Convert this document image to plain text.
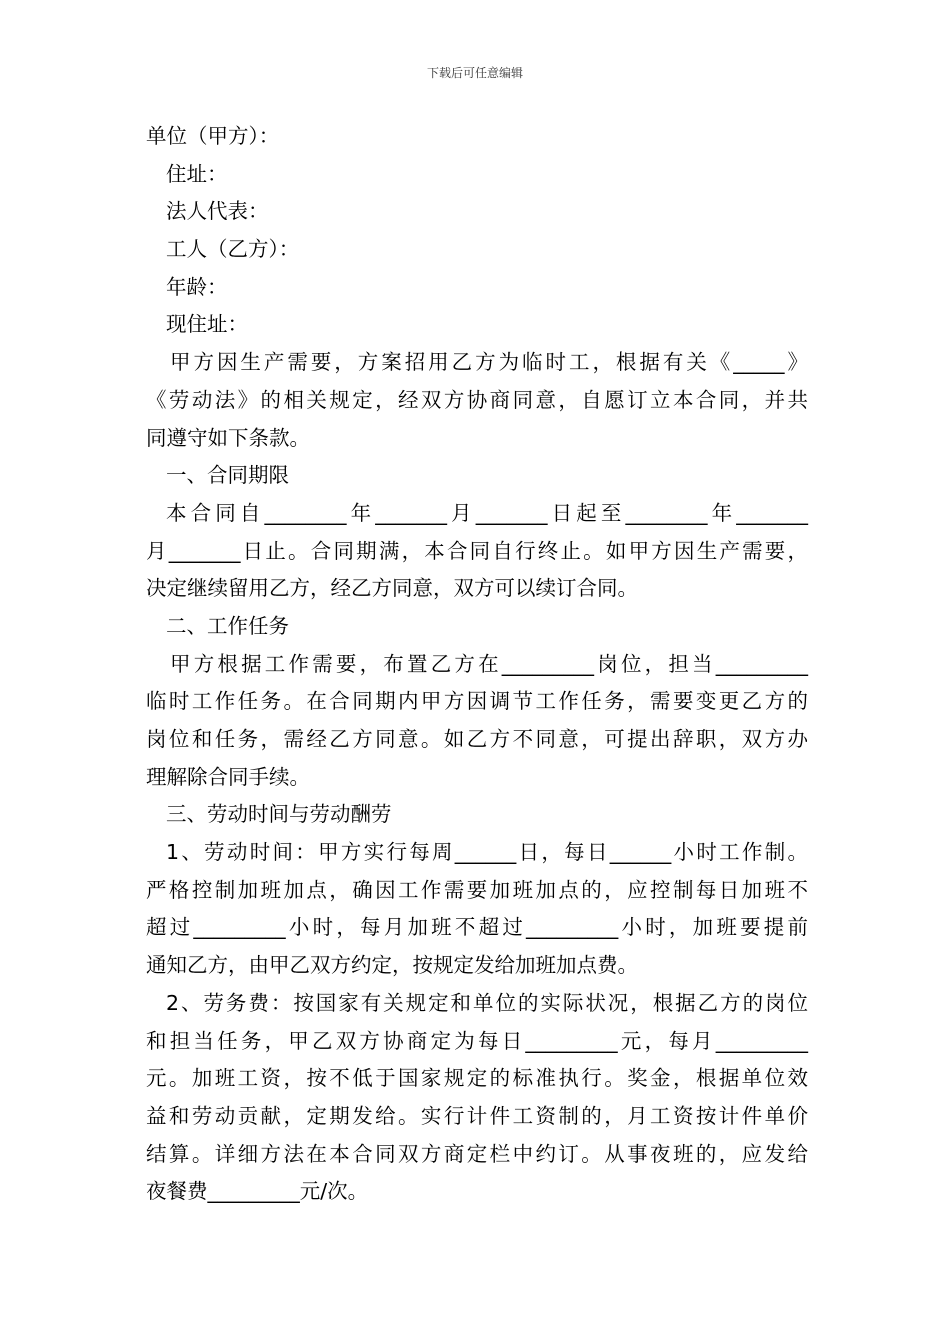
下载后可任意编辑
单位（甲方）：
住址：
法人代表：
工人（乙方）：
年龄：
现住址：
甲方因生产需要，方案招用乙方为临时工，根据有关《_____》
《劳动法》的相关规定，经双方协商同意，自愿订立本合同，并共
同遵守如下条款。
一、合同期限
本合同自________年_______月_______日起至________年_______
月_______日止。合同期满，本合同自行终止。如甲方因生产需要，
决定继续留用乙方，经乙方同意，双方可以续订合同。
二、工作任务
甲方根据工作需要，布置乙方在_________岗位，担当_________
临时工作任务。在合同期内甲方因调节工作任务，需要变更乙方的
岗位和任务，需经乙方同意。如乙方不同意，可提出辞职，双方办
理解除合同手续。
三、劳动时间与劳动酬劳
1、劳动时间：甲方实行每周______日，每日______小时工作制。
严格控制加班加点，确因工作需要加班加点的，应控制每日加班不
超过_________小时，每月加班不超过_________小时，加班要提前
通知乙方，由甲乙双方约定，按规定发给加班加点费。
2、劳务费：按国家有关规定和单位的实际状况，根据乙方的岗位
和担当任务，甲乙双方协商定为每日_________元，每月_________
元。加班工资，按不低于国家规定的标准执行。奖金，根据单位效
益和劳动贡献，定期发给。实行计件工资制的，月工资按计件单价
结算。详细方法在本合同双方商定栏中约订。从事夜班的，应发给
夜餐费_________元/次。
